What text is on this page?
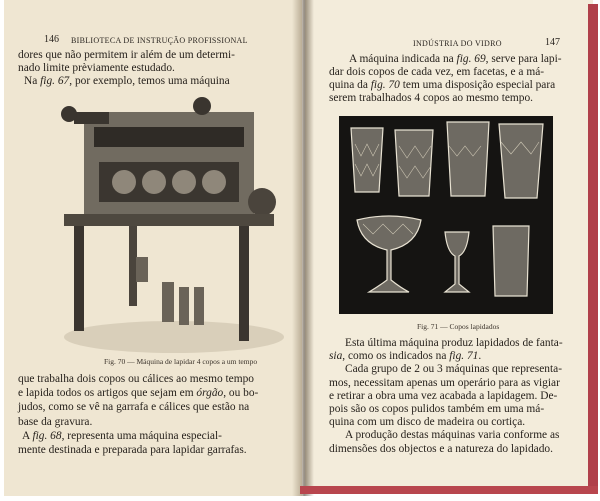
146 BIBLIOTECA DE INSTRUÇÃO PROFISSIONAL
dores que não permitem ir além de um determi-
nado limite prèviamente estudado.
Na fig. 67, por exemplo, temos uma máquina
Fig. 70 — Máquina de lapidar 4 copos a um tempo
que trabalha dois copos ou cálices ao mesmo tempo
e lapida todos os artigos que sejam em órgão, ou bo-
judos, como se vê na garrafa e cálices que estão na
base da gravura.
A fig. 68, representa uma máquina especial-
mente destinada e preparada para lapidar garrafas.
INDÚSTRIA DO VIDRO	147
A máquina indicada na fig. 69, serve para lapi-
dar dois copos de cada vez, em facetas, e a má-
quina da fig. 70 tem uma disposição especial para
serem trabalhados 4 copos ao mesmo tempo.
Fig. 71 — Copos lapidados
Esta última máquina produz lapidados de fanta-
sia, como os indicados na fig. 71.
Cada grupo de 2 ou 3 máquinas que representa-
mos, necessitam apenas um operário para as vigiar
e retirar a obra uma vez acabada a lapidagem. De-
pois são os copos pulidos também em uma má-
quina com um disco de madeira ou cortiça.
A produção destas máquinas varia conforme as
dimensões dos objectos e a natureza do lapidado.
